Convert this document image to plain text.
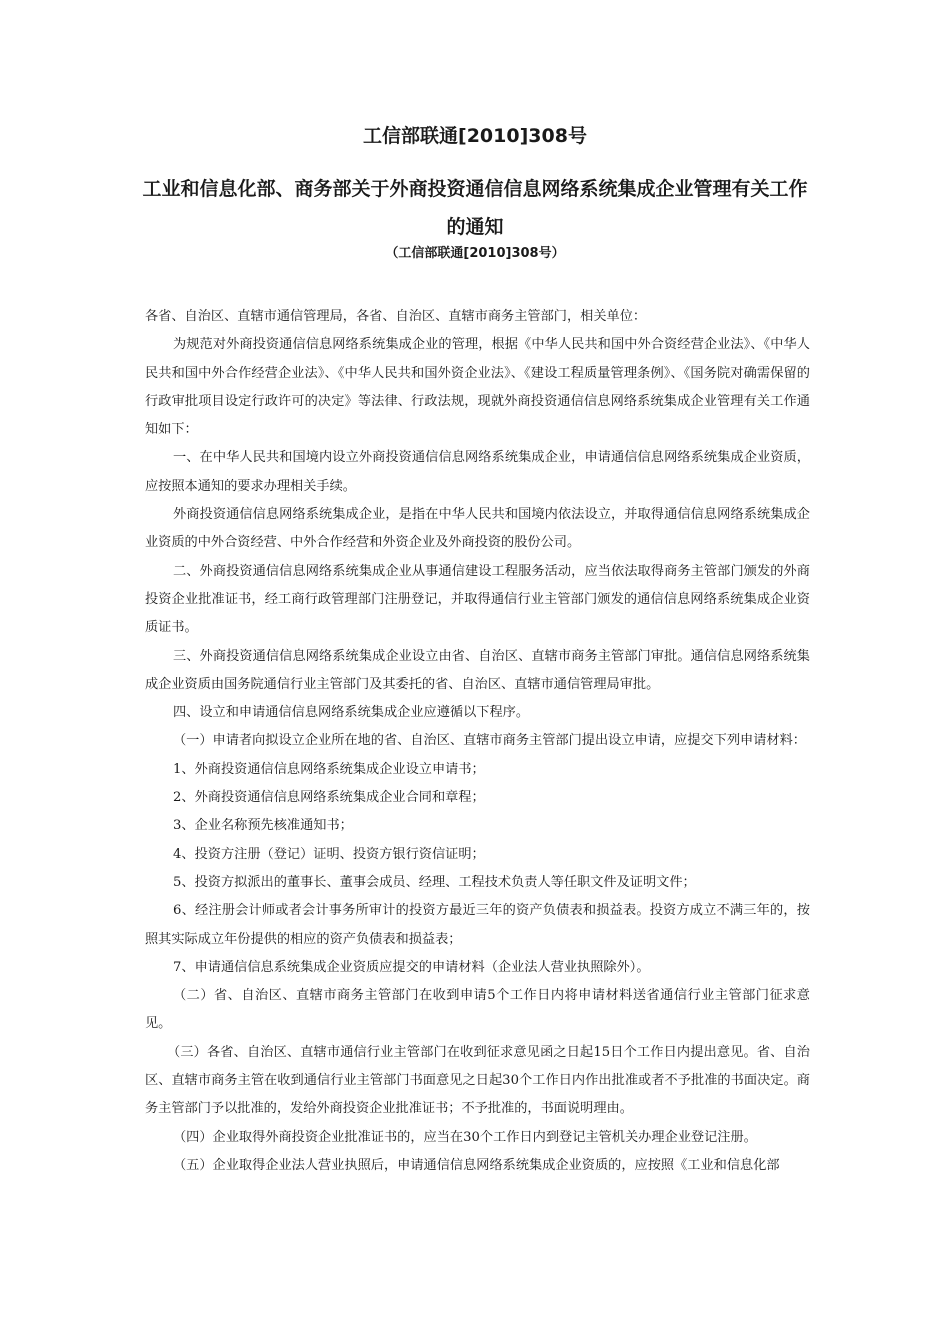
工信部联通[2010]308号
工业和信息化部、商务部关于外商投资通信信息网络系统集成企业管理有关工作的通知
（工信部联通[2010]308号）

各省、自治区、直辖市通信管理局，各省、自治区、直辖市商务主管部门，相关单位：

为规范对外商投资通信信息网络系统集成企业的管理，根据《中华人民共和国中外合资经营企业法》、《中华人民共和国中外合作经营企业法》、《中华人民共和国外资企业法》、《建设工程质量管理条例》、《国务院对确需保留的行政审批项目设定行政许可的决定》等法律、行政法规，现就外商投资通信信息网络系统集成企业管理有关工作通知如下：

一、在中华人民共和国境内设立外商投资通信信息网络系统集成企业，申请通信信息网络系统集成企业资质，应按照本通知的要求办理相关手续。

外商投资通信信息网络系统集成企业，是指在中华人民共和国境内依法设立，并取得通信信息网络系统集成企业资质的中外合资经营、中外合作经营和外资企业及外商投资的股份公司。

二、外商投资通信信息网络系统集成企业从事通信建设工程服务活动，应当依法取得商务主管部门颁发的外商投资企业批准证书，经工商行政管理部门注册登记，并取得通信行业主管部门颁发的通信信息网络系统集成企业资质证书。

三、外商投资通信信息网络系统集成企业设立由省、自治区、直辖市商务主管部门审批。通信信息网络系统集成企业资质由国务院通信行业主管部门及其委托的省、自治区、直辖市通信管理局审批。

四、设立和申请通信信息网络系统集成企业应遵循以下程序。

（一）申请者向拟设立企业所在地的省、自治区、直辖市商务主管部门提出设立申请，应提交下列申请材料：

1、外商投资通信信息网络系统集成企业设立申请书；

2、外商投资通信信息网络系统集成企业合同和章程；

3、企业名称预先核准通知书；

4、投资方注册（登记）证明、投资方银行资信证明；

5、投资方拟派出的董事长、董事会成员、经理、工程技术负责人等任职文件及证明文件；

6、经注册会计师或者会计事务所审计的投资方最近三年的资产负债表和损益表。投资方成立不满三年的，按照其实际成立年份提供的相应的资产负债表和损益表；

7、申请通信信息系统集成企业资质应提交的申请材料（企业法人营业执照除外）。

（二）省、自治区、直辖市商务主管部门在收到申请5个工作日内将申请材料送省通信行业主管部门征求意见。

（三）各省、自治区、直辖市通信行业主管部门在收到征求意见函之日起15日个工作日内提出意见。省、自治区、直辖市商务主管在收到通信行业主管部门书面意见之日起30个工作日内作出批准或者不予批准的书面决定。商务主管部门予以批准的，发给外商投资企业批准证书；不予批准的，书面说明理由。

（四）企业取得外商投资企业批准证书的，应当在30个工作日内到登记主管机关办理企业登记注册。

（五）企业取得企业法人营业执照后，申请通信信息网络系统集成企业资质的，应按照《工业和信息化部
